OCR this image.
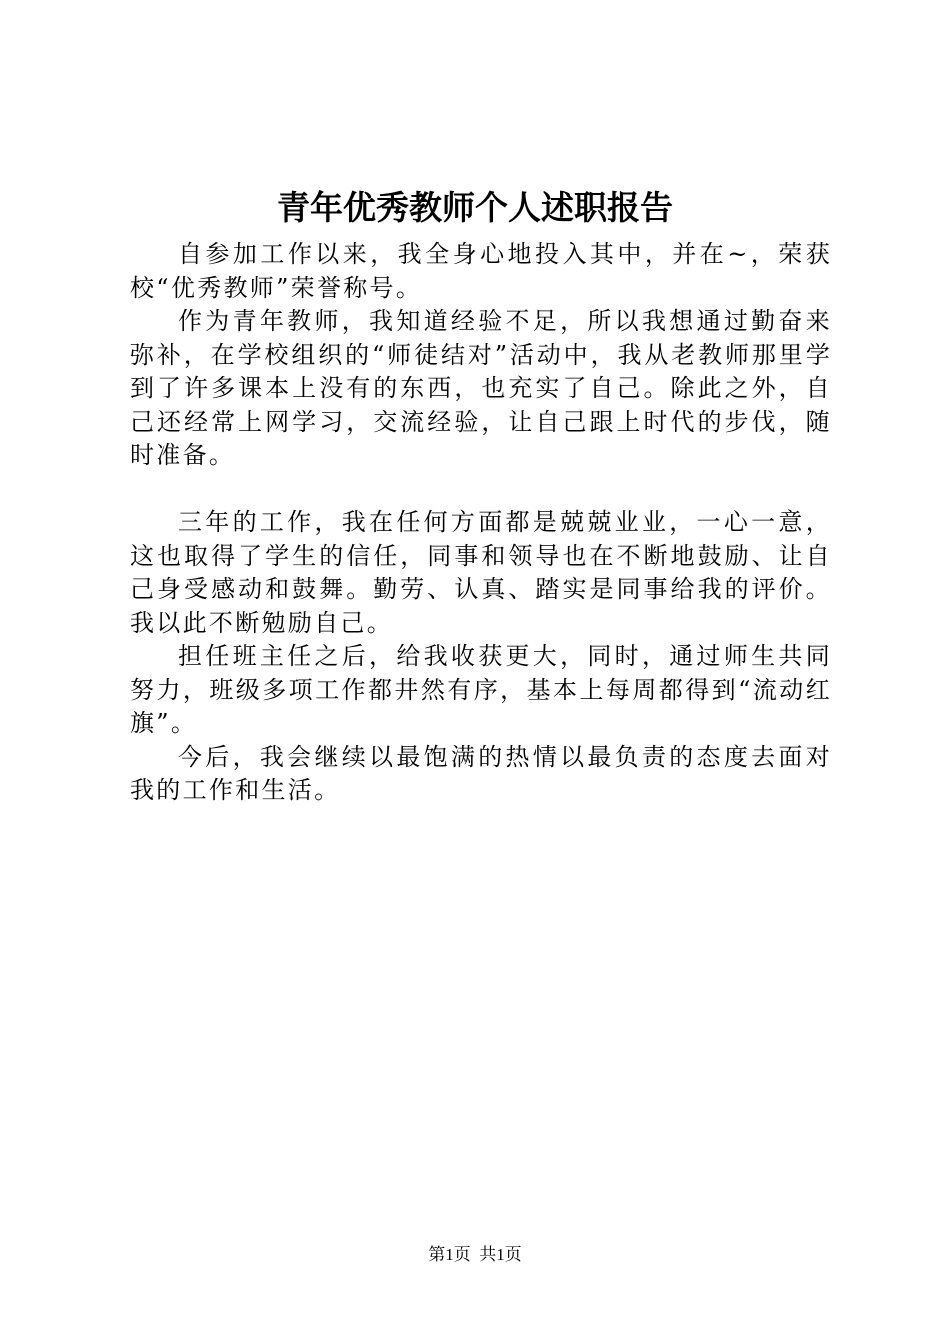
青年优秀教师个人述职报告

自参加工作以来，我全身心地投入其中，并在~，荣获校“优秀教师”荣誉称号。

作为青年教师，我知道经验不足，所以我想通过勤奋来弥补，在学校组织的“师徒结对”活动中，我从老教师那里学到了许多课本上没有的东西，也充实了自己。除此之外，自己还经常上网学习，交流经验，让自己跟上时代的步伐，随时准备。

三年的工作，我在任何方面都是兢兢业业，一心一意，这也取得了学生的信任，同事和领导也在不断地鼓励、让自己身受感动和鼓舞。勤劳、认真、踏实是同事给我的评价。我以此不断勉励自己。

担任班主任之后，给我收获更大，同时，通过师生共同努力，班级多项工作都井然有序，基本上每周都得到“流动红旗”。

今后，我会继续以最饱满的热情以最负责的态度去面对我的工作和生活。

第1页  共1页
